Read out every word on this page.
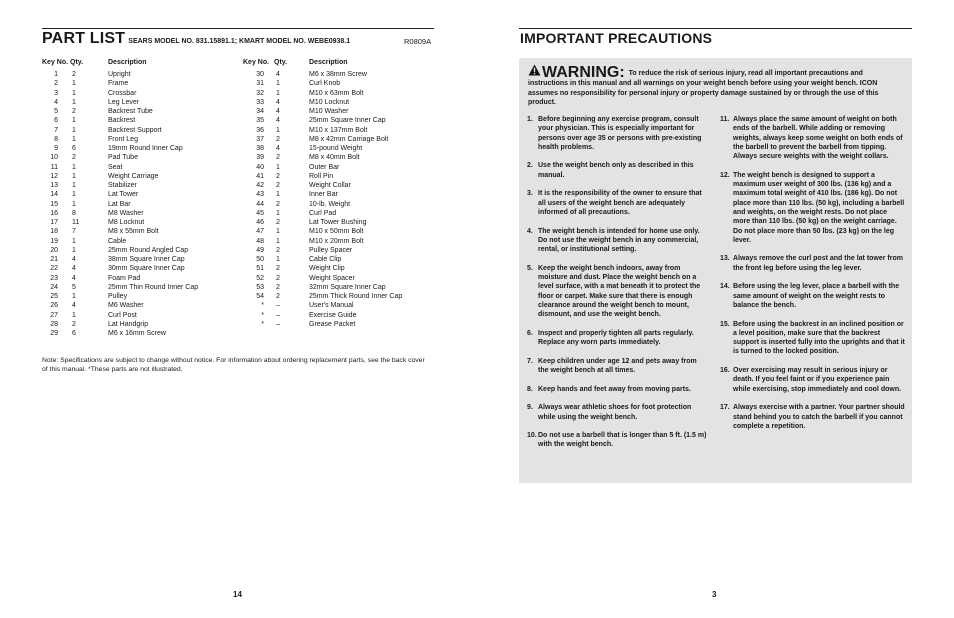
PART LIST SEARS MODEL NO. 831.15891.1; KMART MODEL NO. WEBE0938.1	R0809A
Key No.	Qty.	Description
1	2	Upright
2	1	Frame
3	1	Crossbar
4	1	Leg Lever
5	2	Backrest Tube
6	1	Backrest
7	1	Backrest Support
8	1	Front Leg
9	6	19mm Round Inner Cap
10	2	Pad Tube
11	1	Seat
12	1	Weight Carriage
13	1	Stabilizer
14	1	Lat Tower
15	1	Lat Bar
16	8	M8 Washer
17	11	M8 Locknut
18	7	M8 x 55mm Bolt
19	1	Cable
20	1	25mm Round Angled Cap
21	4	38mm Square Inner Cap
22	4	30mm Square Inner Cap
23	4	Foam Pad
24	5	25mm Thin Round Inner Cap
25	1	Pulley
26	4	M6 Washer
27	1	Curl Post
28	2	Lat Handgrip
29	6	M6 x 16mm Screw
Key No.	Qty.	Description
30	4	M6 x 38mm Screw
31	1	Curl Knob
32	1	M10 x 63mm Bolt
33	4	M10 Locknut
34	4	M10 Washer
35	4	25mm Square Inner Cap
36	1	M10 x 137mm Bolt
37	2	M8 x 42mm Carriage Bolt
38	4	15-pound Weight
39	2	M8 x 40mm Bolt
40	1	Outer Bar
41	2	Roll Pin
42	2	Weight Collar
43	1	Inner Bar
44	2	10-lb. Weight
45	1	Curl Pad
46	2	Lat Tower Bushing
47	1	M10 x 50mm Bolt
48	1	M10 x 20mm Bolt
49	2	Pulley Spacer
50	1	Cable Clip
51	2	Weight Clip
52	2	Weight Spacer
53	2	32mm Square Inner Cap
54	2	25mm Thick Round Inner Cap
*	–	User's Manual
*	–	Exercise Guide
*	–	Grease Packet
Note: Specifications are subject to change without notice. For information about ordering replacement parts, see the back cover of this manual. *These parts are not illustrated.
14
IMPORTANT PRECAUTIONS
WARNING: To reduce the risk of serious injury, read all important precautions and instructions in this manual and all warnings on your weight bench before using your weight bench. ICON assumes no responsibility for personal injury or property damage sustained by or through the use of this product.
1. Before beginning any exercise program, consult your physician. This is especially important for persons over age 35 or persons with pre-existing health problems.
2. Use the weight bench only as described in this manual.
3. It is the responsibility of the owner to ensure that all users of the weight bench are adequately informed of all precautions.
4. The weight bench is intended for home use only. Do not use the weight bench in any commercial, rental, or institutional setting.
5. Keep the weight bench indoors, away from moisture and dust. Place the weight bench on a level surface, with a mat beneath it to protect the floor or carpet. Make sure that there is enough clearance around the weight bench to mount, dismount, and use the weight bench.
6. Inspect and properly tighten all parts regularly. Replace any worn parts immediately.
7. Keep children under age 12 and pets away from the weight bench at all times.
8. Keep hands and feet away from moving parts.
9. Always wear athletic shoes for foot protection while using the weight bench.
10. Do not use a barbell that is longer than 5 ft. (1.5 m) with the weight bench.
11. Always place the same amount of weight on both ends of the barbell. While adding or removing weights, always keep some weight on both ends of the barbell to prevent the barbell from tipping. Always secure weights with the weight collars.
12. The weight bench is designed to support a maximum user weight of 300 lbs. (136 kg) and a maximum total weight of 410 lbs. (186 kg). Do not place more than 110 lbs. (50 kg), including a barbell and weights, on the weight rests. Do not place more than 110 lbs. (50 kg) on the weight carriage. Do not place more than 50 lbs. (23 kg) on the leg lever.
13. Always remove the curl post and the lat tower from the front leg before using the leg lever.
14. Before using the leg lever, place a barbell with the same amount of weight on the weight rests to balance the bench.
15. Before using the backrest in an inclined position or a level position, make sure that the backrest support is inserted fully into the uprights and that it is turned to the locked position.
16. Over exercising may result in serious injury or death. If you feel faint or if you experience pain while exercising, stop immediately and cool down.
17. Always exercise with a partner. Your partner should stand behind you to catch the barbell if you cannot complete a repetition.
3
